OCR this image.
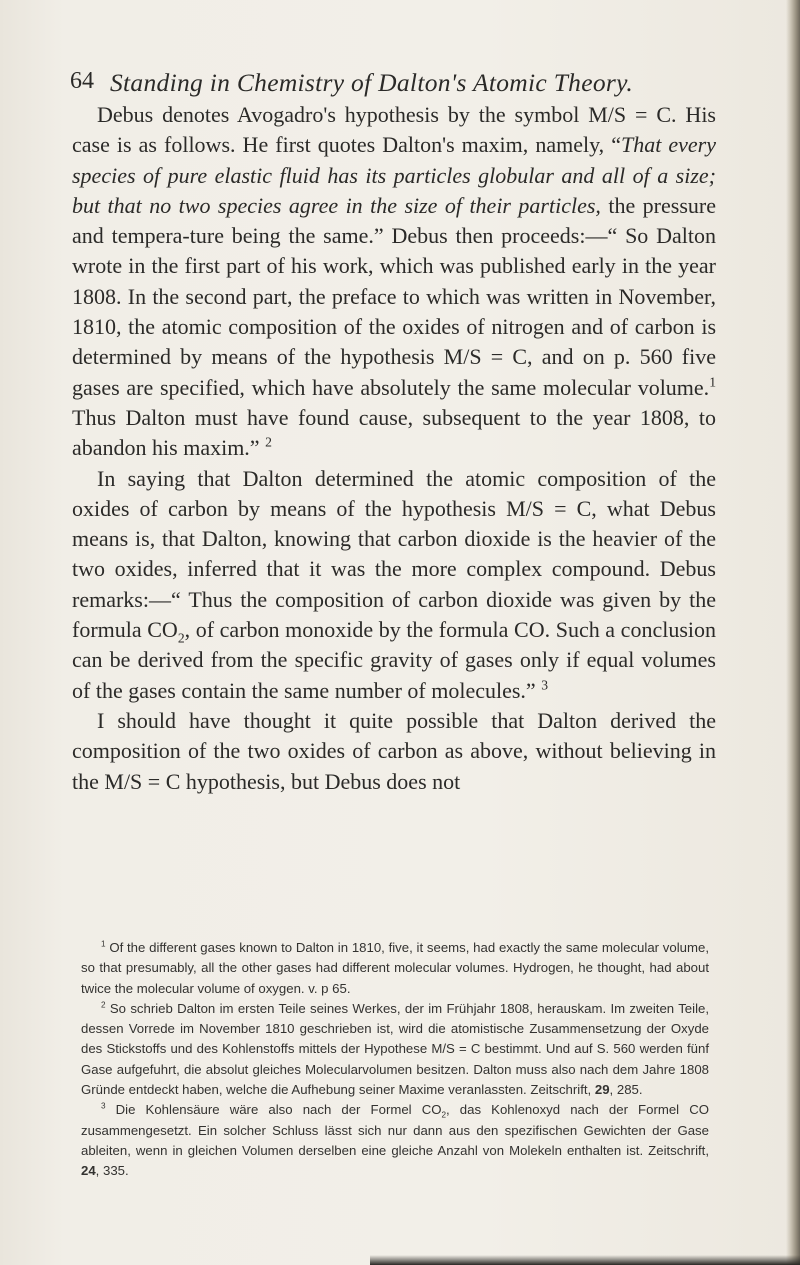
64 Standing in Chemistry of Dalton's Atomic Theory.

Debus denotes Avogadro's hypothesis by the symbol M/S = C. His case is as follows. He first quotes Dalton's maxim, namely, “That every species of pure elastic fluid has its particles globular and all of a size; but that no two species agree in the size of their particles, the pressure and tempera-ture being the same.” Debus then proceeds:—“ So Dalton wrote in the first part of his work, which was published early in the year 1808. In the second part, the preface to which was written in November, 1810, the atomic composition of the oxides of nitrogen and of carbon is determined by means of the hypothesis M/S = C, and on p. 560 five gases are specified, which have absolutely the same molecular volume.$^1$ Thus Dalton must have found cause, subsequent to the year 1808, to abandon his maxim.” $^2$

In saying that Dalton determined the atomic composition of the oxides of carbon by means of the hypothesis M/S = C, what Debus means is, that Dalton, knowing that carbon dioxide is the heavier of the two oxides, inferred that it was the more complex compound. Debus remarks:—“ Thus the composition of carbon dioxide was given by the formula $CO_2$, of carbon monoxide by the formula CO. Such a conclusion can be derived from the specific gravity of gases only if equal volumes of the gases contain the same number of molecules.” $^3$

I should have thought it quite possible that Dalton derived the composition of the two oxides of carbon as above, without believing in the M/S = C hypothesis, but Debus does not

$^1$ Of the different gases known to Dalton in 1810, five, it seems, had exactly the same molecular volume, so that presumably, all the other gases had different molecular volumes. Hydrogen, he thought, had about twice the molecular volume of oxygen. v. p 65.

$^2$ So schrieb Dalton im ersten Teile seines Werkes, der im Frühjahr 1808, herauskam. Im zweiten Teile, dessen Vorrede im November 1810 geschrieben ist, wird die atomistische Zusammensetzung der Oxyde des Stickstoffs und des Kohlenstoffs mittels der Hypothese M/S = C bestimmt. Und auf S. 560 werden fünf Gase aufgefuhrt, die absolut gleiches Molecularvolumen besitzen. Dalton muss also nach dem Jahre 1808 Gründe entdeckt haben, welche die Aufhebung seiner Maxime veranlassten. Zeitschrift, 29, 285.

$^3$ Die Kohlensäure wäre also nach der Formel $CO_2$, das Kohlenoxyd nach der Formel CO zusammengesetzt. Ein solcher Schluss lässt sich nur dann aus den spezifischen Gewichten der Gase ableiten, wenn in gleichen Volumen derselben eine gleiche Anzahl von Molekeln enthalten ist. Zeitschrift, 24, 335.
